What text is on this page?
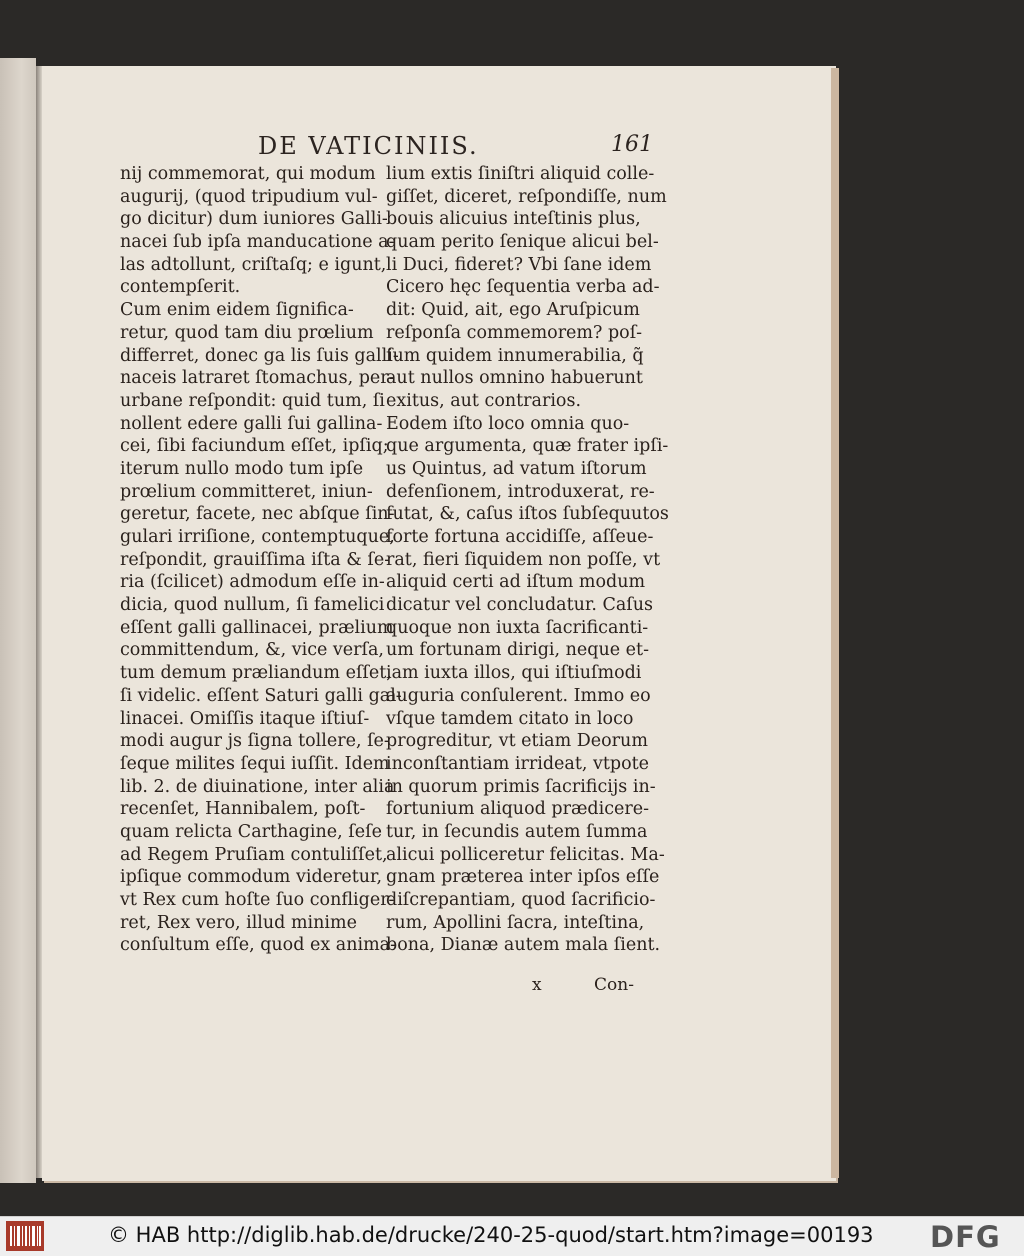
DE VATICINIIS.	161
nij commemorat, qui modum
augurij, (quod tripudium vul-
go dicitur) dum iuniores Galli-
nacei ſub ipſa manducatione a-
las adtollunt, criſtaſq; e igunt,
contempſerit.
Cum enim eidem ſignifica-
retur, quod tam diu prœlium
differret, donec ga lis ſuis galli-
naceis latraret ſtomachus, per-
urbane reſpondit: quid tum, ſi
nollent edere galli ſui gallina-
cei, ſibi faciundum eſſet, ipſiq;
iterum nullo modo tum ipſe
prœlium committeret, iniun-
geretur, facete, nec abſque ſin-
gulari irriſione, contemptuque,
reſpondit, grauiſſima iſta & ſe-
ria (ſcilicet) admodum eſſe in-
dicia, quod nullum, ſi famelici
eſſent galli gallinacei, prælium
committendum, &, vice verſa,
tum demum præliandum eſſet,
ſi videlic. eſſent Saturi galli gal-
linacei. Omiſſis itaque iſtiuſ-
modi augur js ſigna tollere, ſe-
ſeque milites ſequi iuſſit. Idem
lib. 2. de diuinatione, inter alia
recenſet, Hannibalem, poſt-
quam relicta Carthagine, ſeſe
ad Regem Pruſiam contuliſſet,
ipſique commodum videretur,
vt Rex cum hoſte ſuo confliger-
ret, Rex vero, illud minime
conſultum eſſe, quod ex anima-
lium extis ſiniſtri aliquid colle-
giſſet, diceret, reſpondiſſe, num
bouis alicuius inteſtinis plus,
quam perito ſenique alicui bel-
li Duci, fideret? Vbi ſane idem
Cicero hęc ſequentia verba ad-
dit: Quid, ait, ego Aruſpicum
reſponſa commemorem? poſ-
ſum quidem innumerabilia, q̃
aut nullos omnino habuerunt
exitus, aut contrarios.
Eodem iſto loco omnia quo-
que argumenta, quæ frater ipſi-
us Quintus, ad vatum iſtorum
defenſionem, introduxerat, re-
futat, &, caſus iſtos ſubſequutos
forte fortuna accidiſſe, aſſeue-
rat, fieri ſiquidem non poſſe, vt
aliquid certi ad iſtum modum
dicatur vel concludatur. Caſus
quoque non iuxta ſacrificanti-
um fortunam dirigi, neque et-
iam iuxta illos, qui iſtiuſmodi
auguria conſulerent. Immo eo
vſque tamdem citato in loco
progreditur, vt etiam Deorum
inconſtantiam irrideat, vtpote
in quorum primis ſacrificijs in-
fortunium aliquod prædicere-
tur, in ſecundis autem ſumma
alicui polliceretur felicitas. Ma-
gnam præterea inter ipſos eſſe
diſcrepantiam, quod ſacrificio-
rum, Apollini ſacra, inteſtina,
bona, Dianæ autem mala ſient.
x	Con-
© HAB http://diglib.hab.de/drucke/240-25-quod/start.htm?image=00193 DFG
